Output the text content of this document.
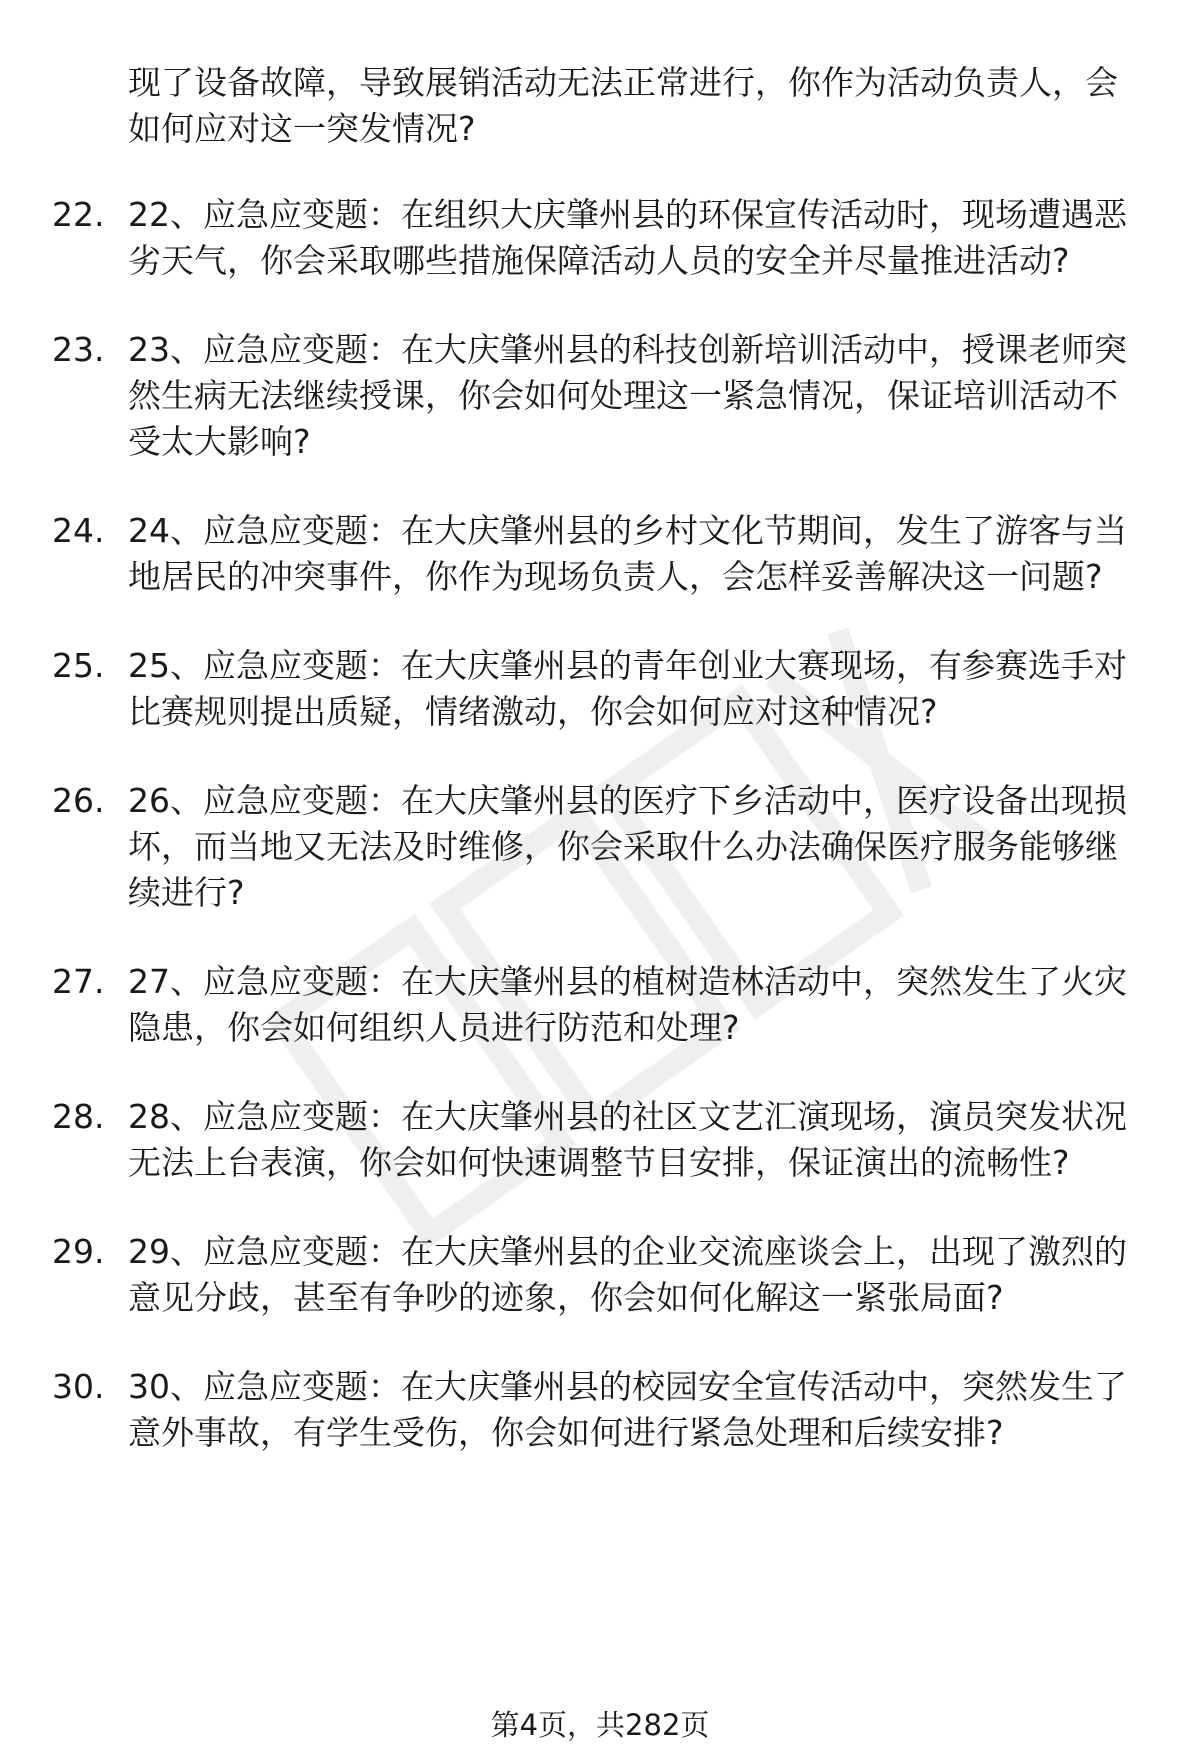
现了设备故障，导致展销活动无法正常进行，你作为活动负责人，会如何应对这一突发情况?

22. 22、应急应变题：在组织大庆肇州县的环保宣传活动时，现场遭遇恶劣天气，你会采取哪些措施保障活动人员的安全并尽量推进活动?
23. 23、应急应变题：在大庆肇州县的科技创新培训活动中，授课老师突然生病无法继续授课，你会如何处理这一紧急情况，保证培训活动不受太大影响?
24. 24、应急应变题：在大庆肇州县的乡村文化节期间，发生了游客与当地居民的冲突事件，你作为现场负责人，会怎样妥善解决这一问题?
25. 25、应急应变题：在大庆肇州县的青年创业大赛现场，有参赛选手对比赛规则提出质疑，情绪激动，你会如何应对这种情况?
26. 26、应急应变题：在大庆肇州县的医疗下乡活动中，医疗设备出现损坏，而当地又无法及时维修，你会采取什么办法确保医疗服务能够继续进行?
27. 27、应急应变题：在大庆肇州县的植树造林活动中，突然发生了火灾隐患，你会如何组织人员进行防范和处理?
28. 28、应急应变题：在大庆肇州县的社区文艺汇演现场，演员突发状况无法上台表演，你会如何快速调整节目安排，保证演出的流畅性?
29. 29、应急应变题：在大庆肇州县的企业交流座谈会上，出现了激烈的意见分歧，甚至有争吵的迹象，你会如何化解这一紧张局面?
30. 30、应急应变题：在大庆肇州县的校园安全宣传活动中，突然发生了意外事故，有学生受伤，你会如何进行紧急处理和后续安排?
第4页，共282页
